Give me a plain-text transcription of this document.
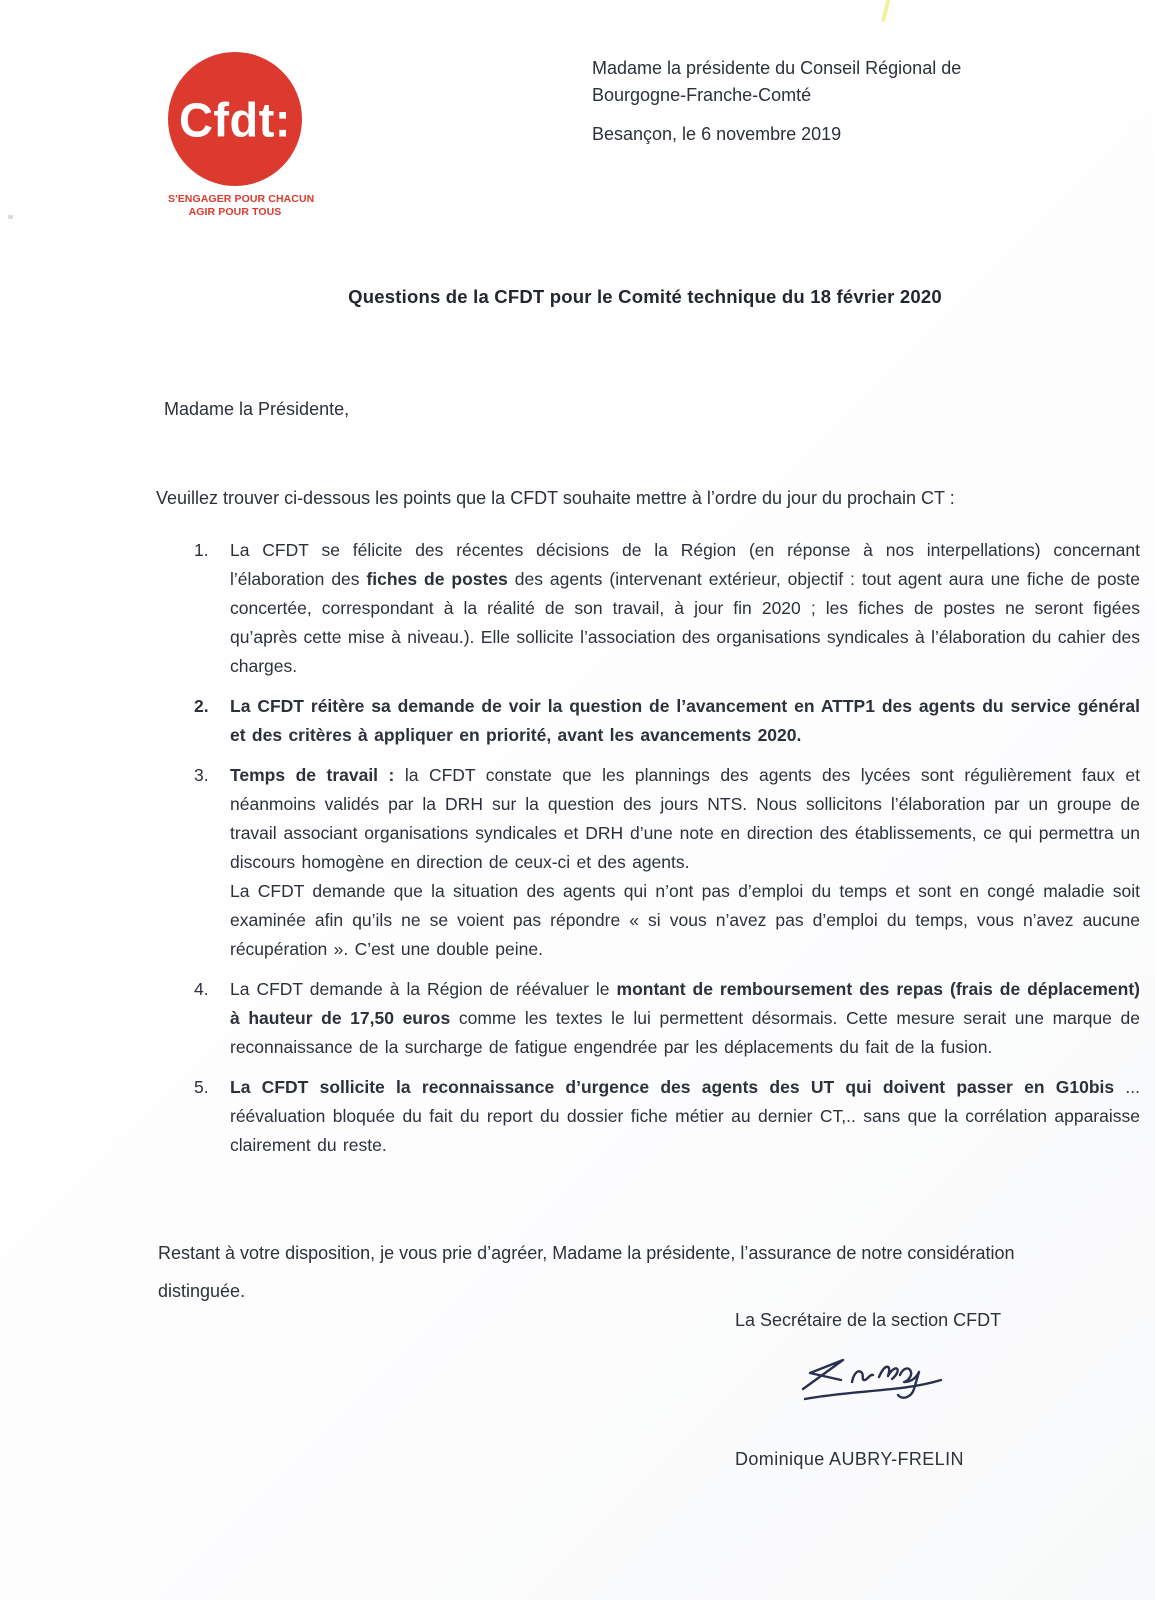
Cfdt:
S'ENGAGER POUR CHACUN
AGIR POUR TOUS
Madame la présidente du Conseil Régional de
Bourgogne-Franche-Comté
Besançon, le 6 novembre 2019
Questions de la CFDT pour le Comité technique du 18 février 2020
Madame la Présidente,
Veuillez trouver ci-dessous les points que la CFDT souhaite mettre à l’ordre du jour du prochain CT :
1.	La CFDT se félicite des récentes décisions de la Région (en réponse à nos interpellations) concernant l’élaboration des fiches de postes des agents (intervenant extérieur, objectif : tout agent aura une fiche de poste concertée, correspondant à la réalité de son travail, à jour fin 2020 ; les fiches de postes ne seront figées qu’après cette mise à niveau.). Elle sollicite l’association des organisations syndicales à l’élaboration du cahier des charges.

2.	La CFDT réitère sa demande de voir la question de l’avancement en ATTP1 des agents du service général et des critères à appliquer en priorité, avant les avancements 2020.

3.	Temps de travail : la CFDT constate que les plannings des agents des lycées sont régulièrement faux et néanmoins validés par la DRH sur la question des jours NTS. Nous sollicitons l’élaboration par un groupe de travail associant organisations syndicales et DRH d’une note en direction des établissements, ce qui permettra un discours homogène en direction de ceux-ci et des agents.

La CFDT demande que la situation des agents qui n’ont pas d’emploi du temps et sont en congé maladie soit examinée afin qu’ils ne se voient pas répondre « si vous n’avez pas d’emploi du temps, vous n’avez aucune récupération ». C’est une double peine.

4.	La CFDT demande à la Région de réévaluer le montant de remboursement des repas (frais de déplacement) à hauteur de 17,50 euros comme les textes le lui permettent désormais. Cette mesure serait une marque de reconnaissance de la surcharge de fatigue engendrée par les déplacements du fait de la fusion.

5.	La CFDT sollicite la reconnaissance d’urgence des agents des UT qui doivent passer en G10bis ... réévaluation bloquée du fait du report du dossier fiche métier au dernier CT,.. sans que la corrélation apparaisse clairement du reste.

Restant à votre disposition, je vous prie d’agréer, Madame la présidente, l’assurance de notre considération distinguée.
La Secrétaire de la section CFDT
Dominique AUBRY-FRELIN
